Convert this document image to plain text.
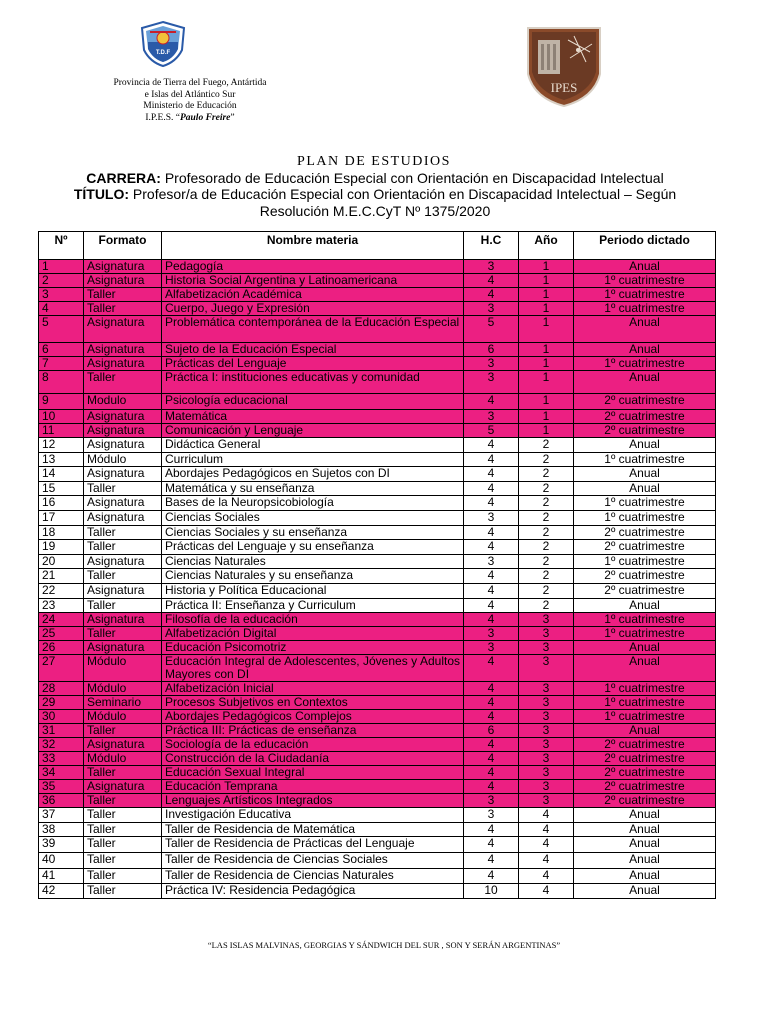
T.D.F
IPES
Provincia de Tierra del Fuego, Antártida
e Islas del Atlántico Sur
Ministerio de Educación
I.P.E.S. “Paulo Freire”
PLAN DE ESTUDIOS
CARRERA: Profesorado de Educación Especial con Orientación en Discapacidad Intelectual
TÍTULO: Profesor/a de Educación Especial con Orientación en Discapacidad Intelectual – Según Resolución M.E.C.CyT Nº 1375/2020
Nº	Formato	Nombre materia	H.C	Año	Periodo dictado
1	Asignatura	Pedagogía	3	1	Anual
2	Asignatura	Historia Social Argentina y Latinoamericana	4	1	1º cuatrimestre
3	Taller	Alfabetización Académica	4	1	1º cuatrimestre
4	Taller	Cuerpo, Juego y Expresión	3	1	1º cuatrimestre
5	Asignatura	Problemática contemporánea de la Educación Especial	5	1	Anual
6	Asignatura	Sujeto de la Educación Especial	6	1	Anual
7	Asignatura	Prácticas del Lenguaje	3	1	1º cuatrimestre
8	Taller	Práctica I: instituciones educativas y comunidad	3	1	Anual
9	Modulo	Psicología educacional	4	1	2º cuatrimestre
10	Asignatura	Matemática	3	1	2º cuatrimestre
11	Asignatura	Comunicación y Lenguaje	5	1	2º cuatrimestre
12	Asignatura	Didáctica General	4	2	Anual
13	Módulo	Curriculum	4	2	1º cuatrimestre
14	Asignatura	Abordajes Pedagógicos en Sujetos con DI	4	2	Anual
15	Taller	Matemática y su enseñanza	4	2	Anual
16	Asignatura	Bases de la Neuropsicobiología	4	2	1º cuatrimestre
17	Asignatura	Ciencias Sociales	3	2	1º cuatrimestre
18	Taller	Ciencias Sociales y su enseñanza	4	2	2º cuatrimestre
19	Taller	Prácticas del Lenguaje y su enseñanza	4	2	2º cuatrimestre
20	Asignatura	Ciencias Naturales	3	2	1º cuatrimestre
21	Taller	Ciencias Naturales y su enseñanza	4	2	2º cuatrimestre
22	Asignatura	Historia y Política Educacional	4	2	2º cuatrimestre
23	Taller	Práctica II: Enseñanza y Curriculum	4	2	Anual
24	Asignatura	Filosofía de la educación	4	3	1º cuatrimestre
25	Taller	Alfabetización Digital	3	3	1º cuatrimestre
26	Asignatura	Educación Psicomotriz	3	3	Anual
27	Módulo	Educación Integral de Adolescentes, Jóvenes y Adultos Mayores con DI	4	3	Anual
28	Módulo	Alfabetización Inicial	4	3	1º cuatrimestre
29	Seminario	Procesos Subjetivos en Contextos	4	3	1º cuatrimestre
30	Módulo	Abordajes Pedagógicos Complejos	4	3	1º cuatrimestre
31	Taller	Práctica III: Prácticas de enseñanza	6	3	Anual
32	Asignatura	Sociología de la educación	4	3	2º cuatrimestre
33	Módulo	Construcción de la Ciudadanía	4	3	2º cuatrimestre
34	Taller	Educación Sexual Integral	4	3	2º cuatrimestre
35	Asignatura	Educación Temprana	4	3	2º cuatrimestre
36	Taller	Lenguajes Artísticos Integrados	3	3	2º cuatrimestre
37	Taller	Investigación Educativa	3	4	Anual
38	Taller	Taller de Residencia de Matemática	4	4	Anual
39	Taller	Taller de Residencia de Prácticas del Lenguaje	4	4	Anual
40	Taller	Taller de Residencia de Ciencias Sociales	4	4	Anual
41	Taller	Taller de Residencia de Ciencias Naturales	4	4	Anual
42	Taller	Práctica IV: Residencia Pedagógica	10	4	Anual
“LAS ISLAS MALVINAS, GEORGIAS Y SÁNDWICH DEL SUR , SON Y SERÁN ARGENTINAS”
